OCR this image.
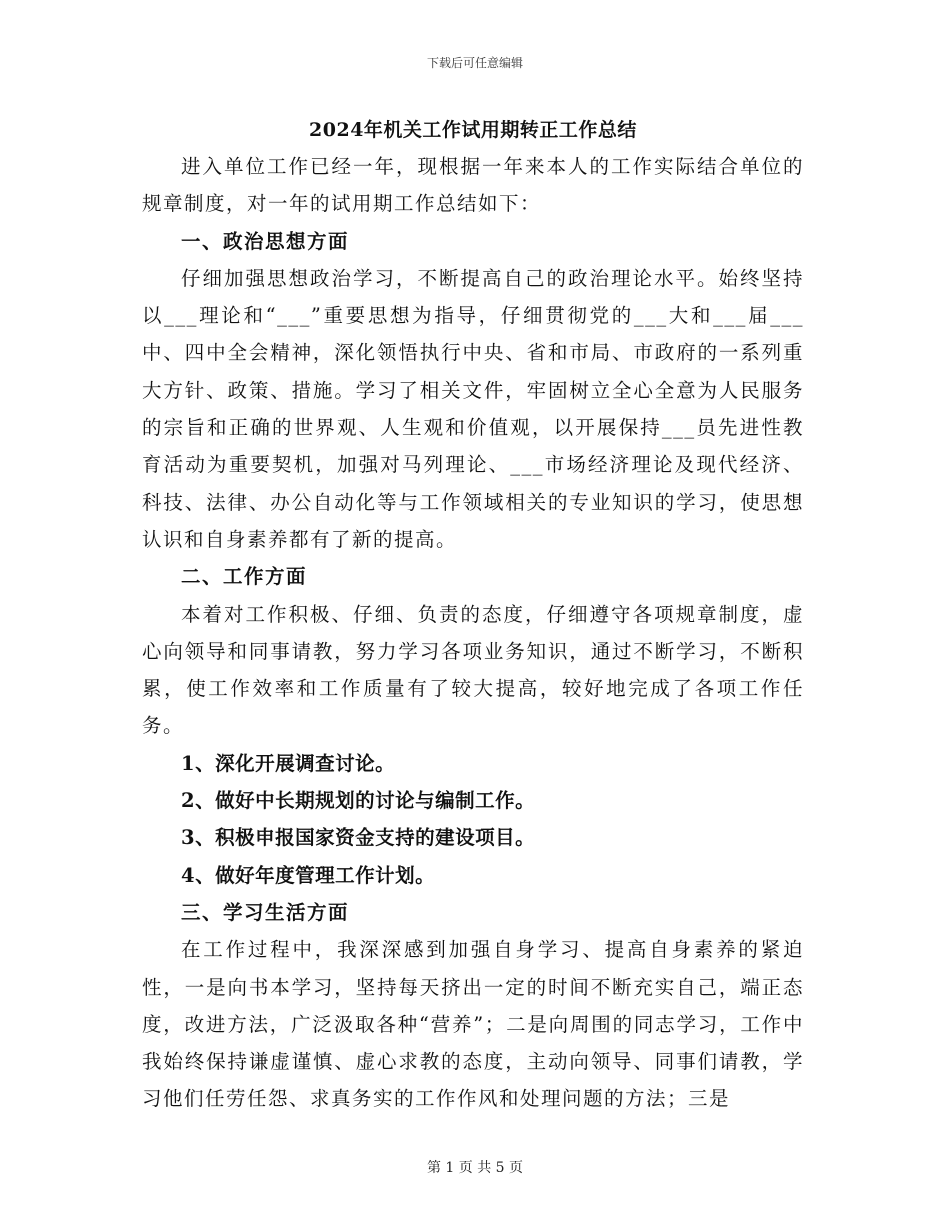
下载后可任意编辑
2024年机关工作试用期转正工作总结

进入单位工作已经一年，现根据一年来本人的工作实际结合单位的规章制度，对一年的试用期工作总结如下：

一、政治思想方面

仔细加强思想政治学习，不断提高自己的政治理论水平。始终坚持以___理论和“___”重要思想为指导，仔细贯彻党的___大和___届___中、四中全会精神，深化领悟执行中央、省和市局、市政府的一系列重大方针、政策、措施。学习了相关文件，牢固树立全心全意为人民服务的宗旨和正确的世界观、人生观和价值观，以开展保持___员先进性教育活动为重要契机，加强对马列理论、___市场经济理论及现代经济、科技、法律、办公自动化等与工作领域相关的专业知识的学习，使思想认识和自身素养都有了新的提高。

二、工作方面

本着对工作积极、仔细、负责的态度，仔细遵守各项规章制度，虚心向领导和同事请教，努力学习各项业务知识，通过不断学习，不断积累，使工作效率和工作质量有了较大提高，较好地完成了各项工作任务。

1、深化开展调查讨论。

2、做好中长期规划的讨论与编制工作。

3、积极申报国家资金支持的建设项目。

4、做好年度管理工作计划。

三、学习生活方面

在工作过程中，我深深感到加强自身学习、提高自身素养的紧迫性，一是向书本学习，坚持每天挤出一定的时间不断充实自己，端正态度，改进方法，广泛汲取各种“营养”；二是向周围的同志学习，工作中我始终保持谦虚谨慎、虚心求教的态度，主动向领导、同事们请教，学习他们任劳任怨、求真务实的工作作风和处理问题的方法；三是

第 1 页 共 5 页
